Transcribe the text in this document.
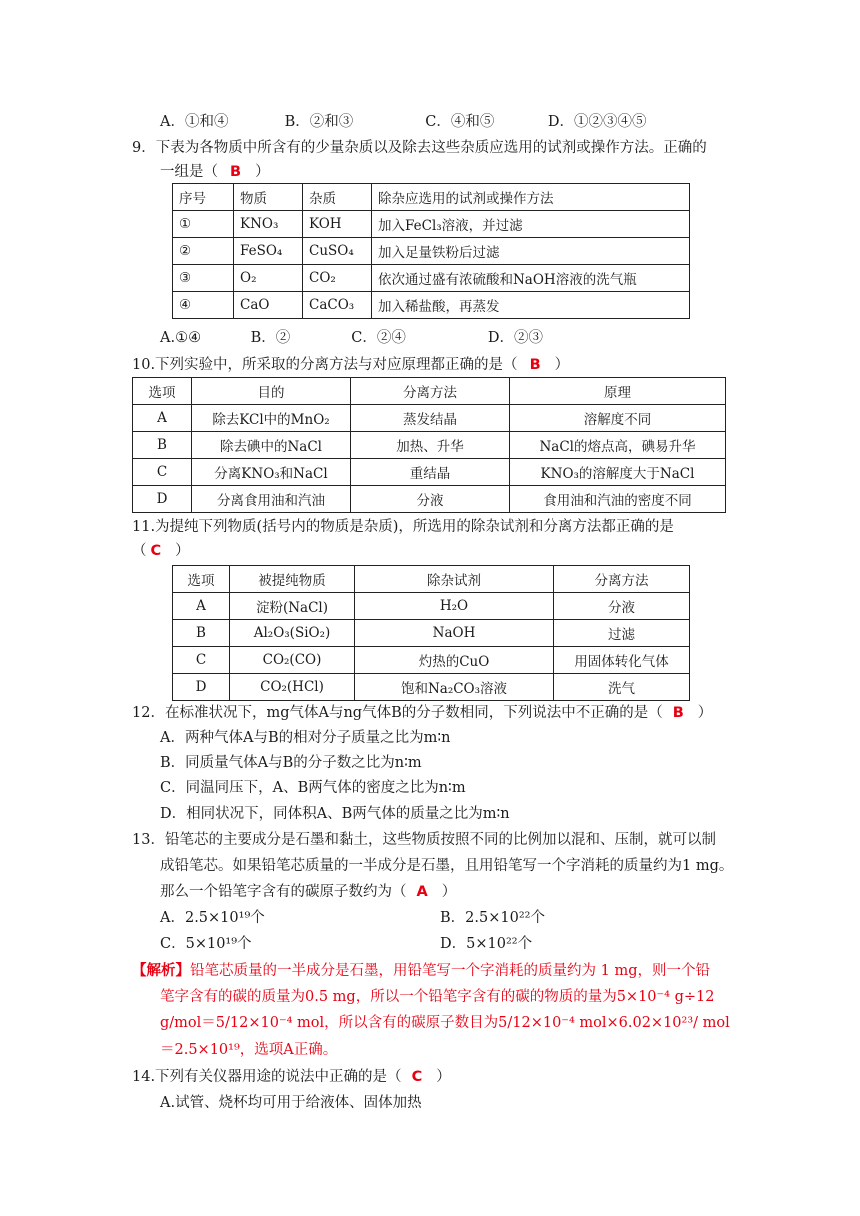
A．①和④	B．②和③	C．④和⑤	D．①②③④⑤
9．下表为各物质中所含有的少量杂质以及除去这些杂质应选用的试剂或操作方法。正确的
一组是（ B ）
序号	物质	杂质	除杂应选用的试剂或操作方法
①	KNO₃	KOH	加入FeCl₃溶液，并过滤
②	FeSO₄	CuSO₄	加入足量铁粉后过滤
③	O₂	CO₂	依次通过盛有浓硫酸和NaOH溶液的洗气瓶
④	CaO	CaCO₃	加入稀盐酸，再蒸发
A.①④	B．②	C．②④	D．②③
10.下列实验中，所采取的分离方法与对应原理都正确的是（ B ）
选项	目的	分离方法	原理
A	除去KCl中的MnO₂	蒸发结晶	溶解度不同
B	除去碘中的NaCl	加热、升华	NaCl的熔点高，碘易升华
C	分离KNO₃和NaCl	重结晶	KNO₃的溶解度大于NaCl
D	分离食用油和汽油	分液	食用油和汽油的密度不同
11.为提纯下列物质(括号内的物质是杂质)，所选用的除杂试剂和分离方法都正确的是
（ C ）
选项	被提纯物质	除杂试剂	分离方法
A	淀粉(NaCl)	H₂O	分液
B	Al₂O₃(SiO₂)	NaOH	过滤
C	CO₂(CO)	灼热的CuO	用固体转化气体
D	CO₂(HCl)	饱和Na₂CO₃溶液	洗气
12．在标准状况下，mg气体A与ng气体B的分子数相同，下列说法中不正确的是（ B ）
A．两种气体A与B的相对分子质量之比为m∶n
B．同质量气体A与B的分子数之比为n∶m
C．同温同压下，A、B两气体的密度之比为n∶m
D．相同状况下，同体积A、B两气体的质量之比为m∶n
13．铅笔芯的主要成分是石墨和黏土，这些物质按照不同的比例加以混和、压制，就可以制
成铅笔芯。如果铅笔芯质量的一半成分是石墨，且用铅笔写一个字消耗的质量约为1 mg。
那么一个铅笔字含有的碳原子数约为（ A ）
A．2.5×10¹⁹个	B．2.5×10²²个
C．5×10¹⁹个	D．5×10²²个
【解析】铅笔芯质量的一半成分是石墨，用铅笔写一个字消耗的质量约为 1 mg，则一个铅
笔字含有的碳的质量为0.5 mg，所以一个铅笔字含有的碳的物质的量为5×10⁻⁴ g÷12
g/mol＝5/12×10⁻⁴ mol，所以含有的碳原子数目为5/12×10⁻⁴ mol×6.02×10²³/ mol
＝2.5×10¹⁹，选项A正确。
14.下列有关仪器用途的说法中正确的是（ C ）
A.试管、烧杯均可用于给液体、固体加热
